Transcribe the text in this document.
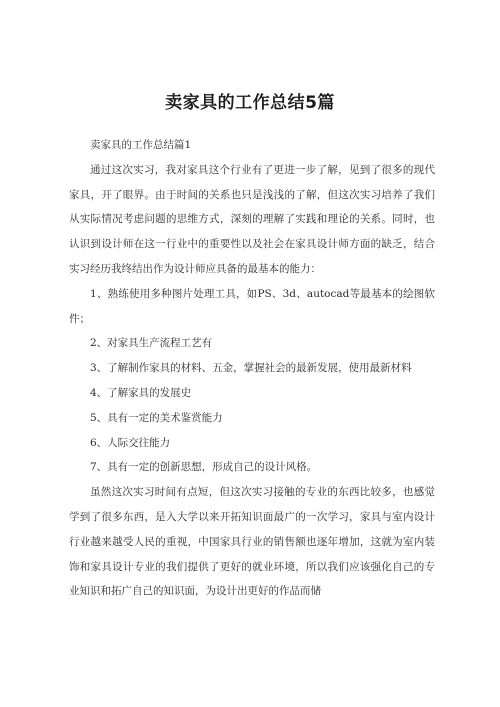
卖家具的工作总结5篇

卖家具的工作总结篇1

通过这次实习，我对家具这个行业有了更进一步了解，见到了很多的现代家具，开了眼界。由于时间的关系也只是浅浅的了解，但这次实习培养了我们从实际情况考虑问题的思维方式，深刻的理解了实践和理论的关系。同时，也认识到设计师在这一行业中的重要性以及社会在家具设计师方面的缺乏，结合实习经历我终结出作为设计师应具备的最基本的能力：

1、熟练使用多种图片处理工具，如PS、3d、autocad等最基本的绘图软件；

2、对家具生产流程工艺有

3、了解制作家具的材料、五金，掌握社会的最新发展，使用最新材料

4、了解家具的发展史

5、具有一定的美术鉴赏能力

6、人际交往能力

7、具有一定的创新思想，形成自己的设计风格。

虽然这次实习时间有点短，但这次实习接触的专业的东西比较多，也感觉学到了很多东西，是入大学以来开拓知识面最广的一次学习，家具与室内设计行业越来越受人民的重视，中国家具行业的销售额也逐年增加，这就为室内装饰和家具设计专业的我们提供了更好的就业环境，所以我们应该强化自己的专业知识和拓广自己的知识面，为设计出更好的作品而储
